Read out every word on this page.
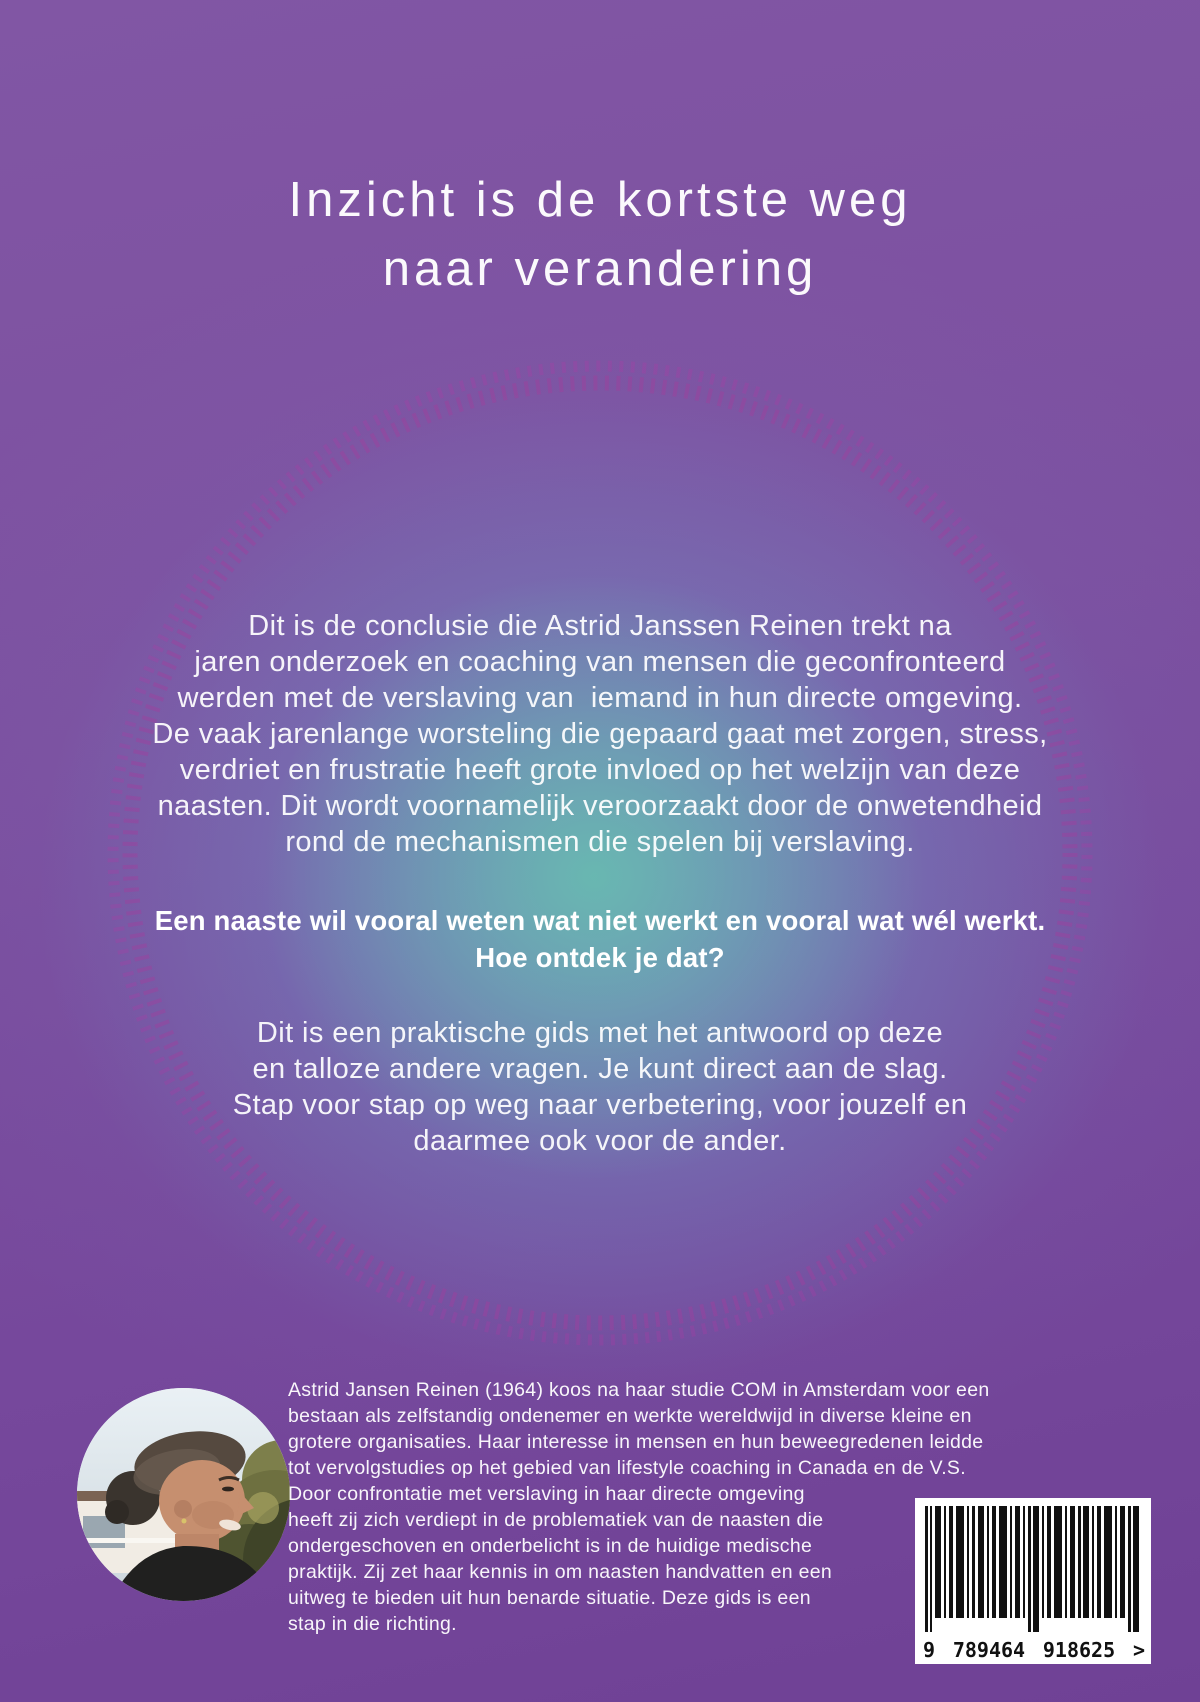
Inzicht is de kortste weg
naar verandering
Dit is de conclusie die Astrid Janssen Reinen trekt na
jaren onderzoek en coaching van mensen die geconfronteerd
werden met de verslaving van  iemand in hun directe omgeving.
De vaak jarenlange worsteling die gepaard gaat met zorgen, stress,
verdriet en frustratie heeft grote invloed op het welzijn van deze
naasten. Dit wordt voornamelijk veroorzaakt door de onwetendheid
rond de mechanismen die spelen bij verslaving.
Een naaste wil vooral weten wat niet werkt en vooral wat wél werkt.
Hoe ontdek je dat?
Dit is een praktische gids met het antwoord op deze
en talloze andere vragen. Je kunt direct aan de slag.
Stap voor stap op weg naar verbetering, voor jouzelf en
daarmee ook voor de ander.
Astrid Jansen Reinen (1964) koos na haar studie COM in Amsterdam voor een
bestaan als zelfstandig ondenemer en werkte wereldwijd in diverse kleine en
grotere organisaties. Haar interesse in mensen en hun beweegredenen leidde
tot vervolgstudies op het gebied van lifestyle coaching in Canada en de V.S.
Door confrontatie met verslaving in haar directe omgeving
heeft zij zich verdiept in de problematiek van de naasten die
ondergeschoven en onderbelicht is in de huidige medische
praktijk. Zij zet haar kennis in om naasten handvatten en een
uitweg te bieden uit hun benarde situatie. Deze gids is een
stap in die richting.
9 789464 918625 >
